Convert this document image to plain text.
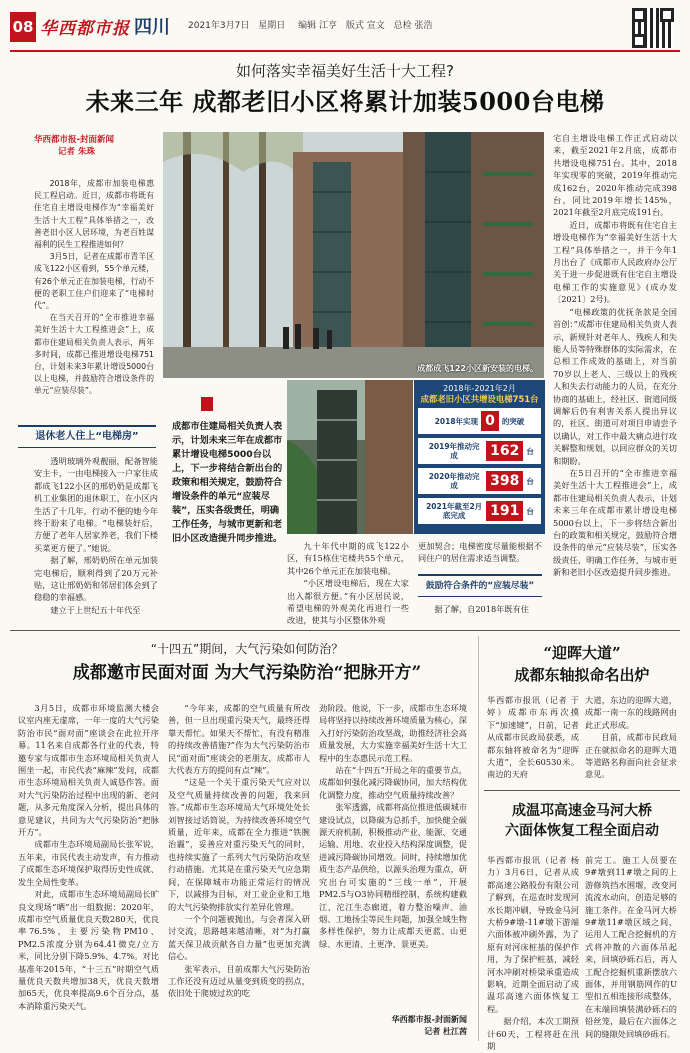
08 华西都市报 四川 2021年3月7日 星期日 编辑 江亨 版式 宣文 总检 张浩
如何落实幸福美好生活十大工程?
未来三年 成都老旧小区将累计加装5000台电梯
华西都市报-封面新闻
记者 朱珠
2018年，成都市加装电梯惠民工程启动。近日，成都市将既有住宅自主增设电梯作为“幸福美好生活十大工程”具体举措之一，改善老旧小区人居环境，为老百姓谋福利的民生工程推进如何？
3月5日，记者在成都市青羊区成飞122小区看到，55个单元楼，有26个单元正在加装电梯，行动不便的老职工住户们迎来了“电梯时代”。
在当天召开的“全市推进幸福美好生活十大工程推进会”上，成都市住建局相关负责人表示，两年多时间，成都已推进增设电梯751台，计划未来3年累计增设5000台以上电梯，并鼓励符合增设条件的单元“应装尽装”。
退休老人住上“电梯房”
透明玻璃外观靓丽，配备智能安主卡，一由电梯接入一户家住成都成飞122小区的邢奶奶是成都飞机工业集团的退休职工，在小区内生活了十几年，行动不便的她今年终于盼来了电梯。“电梯装好后，方便了老年人居家养老，我们下楼买菜更方便了。”她说。
据了解，邢奶奶所在单元加装完电梯后，顺利得到了20万元补贴，这让邢奶奶和邻居们体会到了稳稳的幸福感。
建立于上世纪五十年代至
成都成飞122小区新安装的电梯。
成都市住建局相关负责人表示，计划未来三年在成都市累计增设电梯5000台以上，下一步将结合新出台的政策和相关规定，鼓励符合增设条件的单元“应装尽装”，压实各级责任，明确工作任务，与城市更新和老旧小区改造提升同步推进。
2018年-2021年2月
成都老旧小区共增设电梯751台
2018年实现 0 的突破
2019年推动完成	162 台
2020年推动完成	398 台
2021年截至2月底完成	191 台
九十年代中期的成飞122小区，有15栋住宅楼共55个单元，其中26个单元正在加装电梯。
“小区增设电梯后，现在大家出入都很方便。”有小区居民说，希望电梯的外观美化再进行一些改进，使其与小区整体外观
更加契合；电梯密度尽量能根据不同住户的居住需求适当调整。
鼓励符合条件的“应装尽装”
据了解，自2018年既有住
宅自主增设电梯工作正式启动以来，截至2021年2月底，成都市共增设电梯751台。其中，2018年实现零的突破，2019年推动完成162台，2020年推动完成398台，同比2019年增长145%，2021年截至2月底完成191台。
近日，成都市将既有住宅自主增设电梯作为“幸福美好生活十大工程”具体举措之一，并于今年1月出台了《成都市人民政府办公厅关于进一步促进既有住宅自主增设电梯工作的实施意见》(成办发〔2021〕2号)。
“电梯政策的优抚条款是全国首创：”成都市住建局相关负责人表示，新规针对老年人、残疾人和失能人员等特殊群体的实际需求，在总相工作成效的基础上，对当前70岁以上老人、三级以上的残疾人和失去行动能力的人员，在充分协商的基础上，经社区、街道同级调解后仍有利害关系人提出异议的，社区、街道可对项目申请尝予以确认，对工作中最大痛点进行攻关解整和规划，以回应群众的关切和期盼。
在5日召开的“全市推进幸福美好生活十大工程推进会”上，成都市住建局相关负责人表示，计划未来三年在成都市累计增设电梯5000台以上，下一步将结合新出台的政策和相关规定，鼓励符合增设条件的单元“应装尽装”，压实各级责任，明确工作任务，与城市更新和老旧小区改造提升同步推进。
“十四五”期间，大气污染如何防治？
成都邀市民面对面 为大气污染防治“把脉开方”
3月5日，成都市环境监测大楼会议室内座无虚席，一年一度的大气污染防治市民“面对面”座谈会在此拉开序幕。11名来自成都各行业的代表，特邀专家与成都市生态环境局相关负责人围坐一起，市民代表“麻辣”发问，成都市生态环境局相关负责人诚恳作答。面对大气污染防治过程中出现的新、老问题，从多元角度深入分析，提出具体的意见建议，共同为大气污染防治“把脉开方”。
成都市生态环境局副局长张军说，五年来，市民代表主动发声，有力推动了成都生态环境保护取得历史性成就、发生全局性变革。
对此，成都市生态环境局副局长旷良文现场“晒”出一组数据：2020年，成都市空气质量优良天数280天，优良率76.5%，主要污染物PM10、PM2.5浓度分别为64.41微克/立方米，同比分别下降5.9%、4.7%。对比基准年2015年，“十三五”时期空气质量优良天数共增加38天，优良天数增加65天，优良率提高9.6个百分点，基本消除重污染天气。
“今年来，成都的空气质量有所改善，但一旦出现重污染天气，最终还得靠天帮忙。如果天不帮忙，有没有精准的持续改善措施?”作为大气污染防治市民“面对面”座谈会的老朋友，成都市人大代表方方的提问有点“辣”。
“这是一个关于重污染天气应对以及空气质量持续改善的问题，我来回答。”成都市生态环境局大气环境处处长刘智接过话筒说，为持续改善环境空气质量，近年来，成都在全力推进“铁腕治霾”，妥善应对重污染天气的同时，也持续实施了一系列大气污染防治攻坚行动措施。尤其是在重污染天气应急期间，在保障城市功能正常运行的情况下，以减排为目标，对工业企业和工地的大气污染物排放实行差异化管理。
一个个问题被抛出，与会者深入研讨交流，思路越来越清晰，对“为打赢蓝天保卫战贡献各自力量”也更加充满信心。
张军表示，目前成都大气污染防治工作还没有迈过从量变到质变的拐点，依旧处于爬坡过坎的吃
劲阶段。他说，下一步，成都市生态环境局将坚持以持续改善环境质量为核心，深入打好污染防治攻坚战，助推经济社会高质量发展，大力实施幸福美好生活十大工程中的生态惠民示范工程。
站在“十四五”开局之年的重要节点，成都如何强化减污降碳协同，加大结构优化调整力度，推动空气质量持续改善？
张军透露，成都将高位推进低碳城市建设试点，以降碳为总抓手，加快健全碳源天府机制，积极推动产业、能源、交通运输、用地、农业投入结构深度调整，促进减污降碳协同增效。同时，持续增加优质生态产品供给，以源头治理为重点，研究出台可实施的“三线一单”，开展PM2.5与O3协同精细控制，系统构建截江、沱江生态廊道，着力整治噪声、油烟、工地扬尘等民生问题，加强全域生物多样性保护，努力让成都天更蓝、山更绿、水更清、土更净、景更美。
华西都市报-封面新闻
记者 杜江茜
“迎晖大道”
成都东轴拟命名出炉
华西都市报讯（记者 于婷）成都市东再次摸下“加速键”，日前，记者从成都市民政局获悉，成都东轴将被命名为“迎晖大道”，全长60530米。南边的天府
大道，东边的迎晖大道，成都一南一东的线路网由此正式形成。
目前，成都市民政局正在就拟命名的迎晖大道等道路名称面向社会征求意见。
成温邛高速金马河大桥
六面体恢复工程全面启动
华西都市报讯（记者 杨力）3月6日，记者从成都高速公路股份有限公司了解到，在巡查时发现河水长期冲刷，导致金马河大桥9#墩-11#墩下游端六面体被冲刷外露，为了原有对河床桩基的保护作用，为了保护桩基，减轻河水冲刷对桥梁承重造成影响，近期全面启动了成温邛高速六面体恢复工程。
据介绍，本次工期预计60天，工程将赶在汛期
前完工。施工人员要在9#墩到11#墩之间的上游修筑挡水围堰，改变河流流水动向，创造足够的施工条件。在金马河大桥9#墩11#墩区域之间，运用人工配合挖掘机的方式将冲散的六面体吊起来，回填砂砾石后，再人工配合挖掘机重新摆放六面体，并用钢筋网作的U型扣五相连接形成整体，在末端回填装满砂砾石的铅丝笼，最后在六面体之间的缝隙处回填砂砾石。
